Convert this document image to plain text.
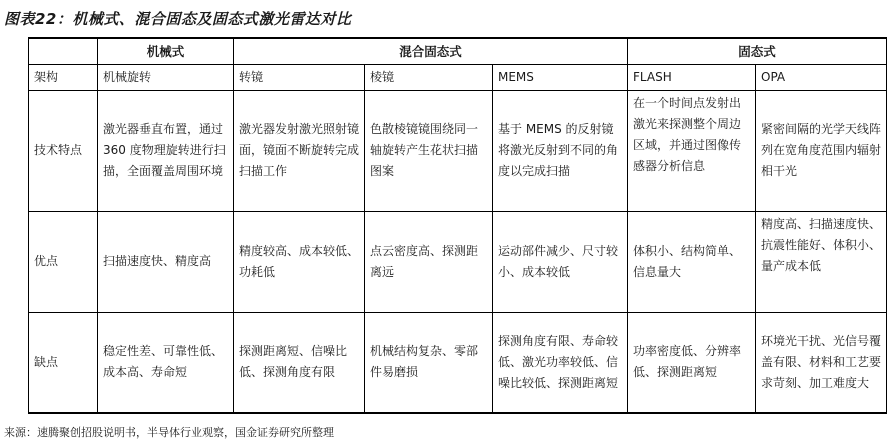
图表22：机械式、混合固态及固态式激光雷达对比
	机械式	混合固态式			固态式	
架构	机械旋转	转镜	棱镜	MEMS	FLASH	OPA
技术特点	激光器垂直布置，通过 360 度物理旋转进行扫描，全面覆盖周围环境	激光器发射激光照射镜面，镜面不断旋转完成扫描工作	色散棱镜镜围绕同一轴旋转产生花状扫描图案	基于 MEMS 的反射镜将激光反射到不同的角度以完成扫描	在一个时间点发射出激光来探测整个周边区域，并通过图像传感器分析信息	紧密间隔的光学天线阵列在宽角度范围内辐射相干光
优点	扫描速度快、精度高	精度较高、成本较低、功耗低	点云密度高、探测距离远	运动部件减少、尺寸较小、成本较低	体积小、结构简单、信息量大	精度高、扫描速度快、抗震性能好、体积小、量产成本低
缺点	稳定性差、可靠性低、成本高、寿命短	探测距离短、信噪比低、探测角度有限	机械结构复杂、零部件易磨损	探测角度有限、寿命较低、激光功率较低、信噪比较低、探测距离短	功率密度低、分辨率低、探测距离短	环境光干扰、光信号覆盖有限、材料和工艺要求苛刻、加工难度大
来源：速腾聚创招股说明书，半导体行业观察，国金证券研究所整理
